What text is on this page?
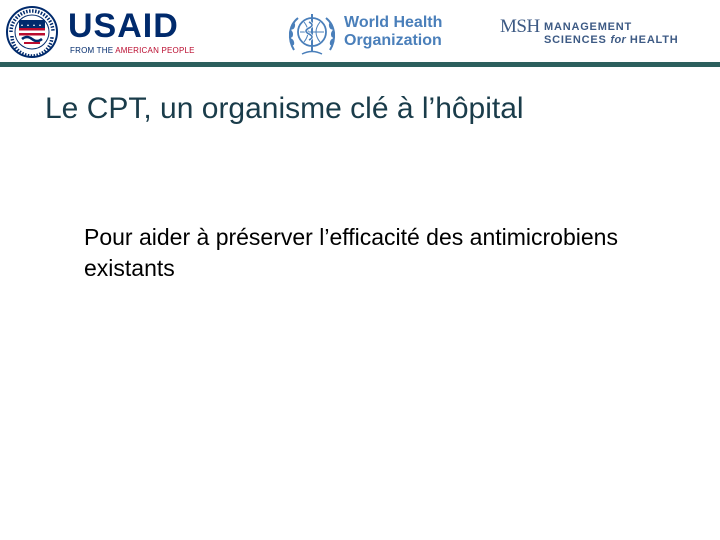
USAID
FROM THE AMERICAN PEOPLE
World Health
Organization
MSH MANAGEMENT
SCIENCES for HEALTH
Le CPT, un organisme clé à l’hôpital
Pour aider à préserver l’efficacité des antimicrobiens existants
